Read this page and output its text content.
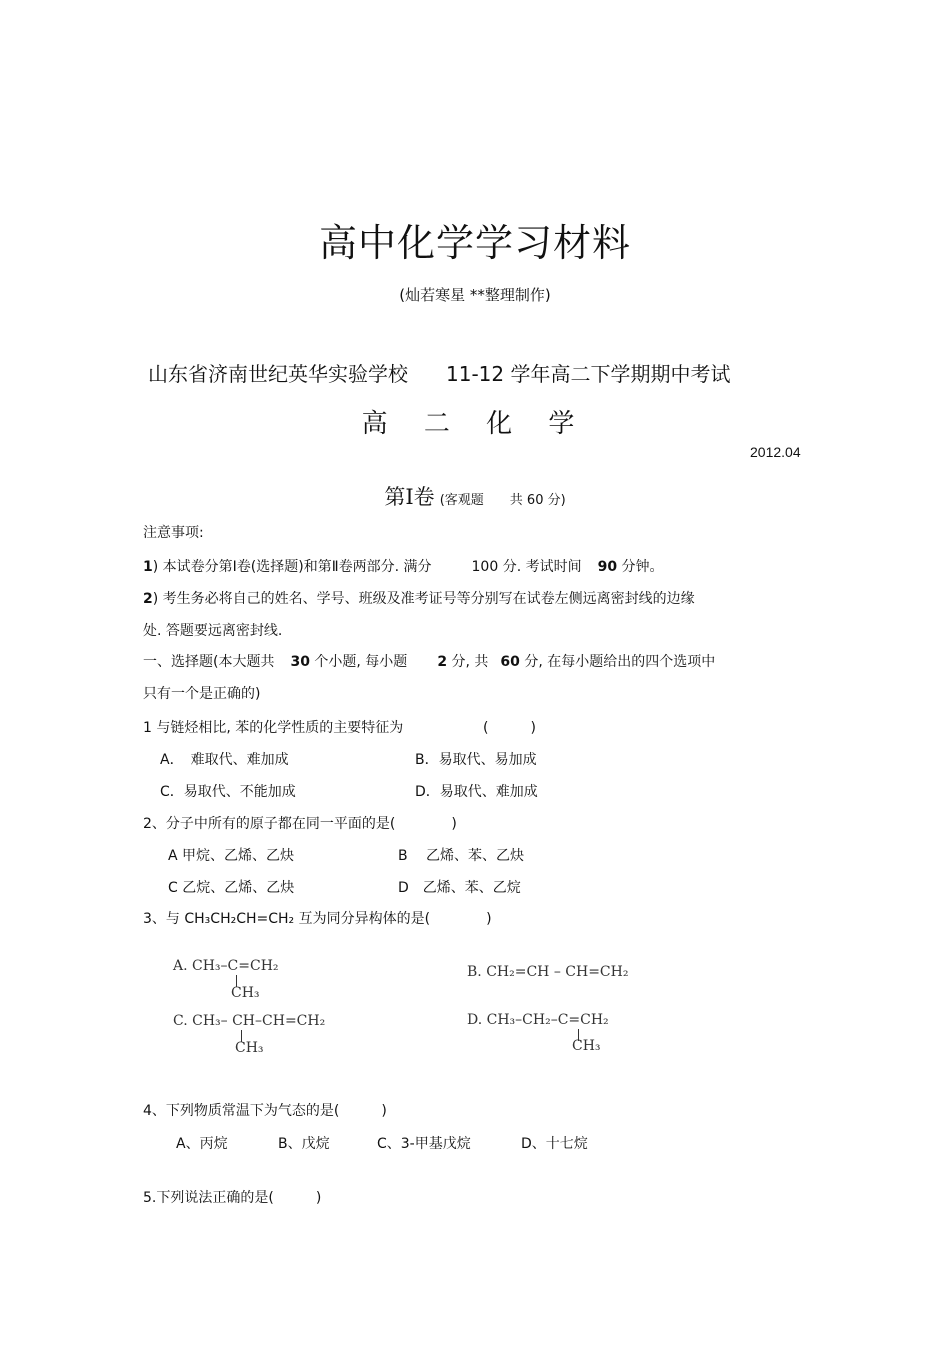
高中化学学习材料
(灿若寒星 **整理制作)
山东省济南世纪英华实验学校 11-12 学年高二下学期期中考试
高 二 化 学
2012.04
第Ⅰ卷 (客观题　　共 60 分)
注意事项:
1) 本试卷分第Ⅰ卷(选择题)和第Ⅱ卷两部分. 满分	100 分. 考试时间 90 分钟。
2) 考生务必将自己的姓名、学号、班级及准考证号等分别写在试卷左侧远离密封线的边缘
处. 答题要远离密封线.
一、选择题(本大题共 30 个小题, 每小题 2 分, 共 60 分, 在每小题给出的四个选项中
只有一个是正确的)
1 与链烃相比, 苯的化学性质的主要特征为	(　　　)
A．　难取代、难加成	B．易取代、易加成
C．易取代、不能加成	D．易取代、难加成
2、分子中所有的原子都在同一平面的是(　　　　)
A 甲烷、乙烯、乙炔	B　 乙烯、苯、乙炔
C 乙烷、乙烯、乙炔	D　乙烯、苯、乙烷
3、与 CH₃CH₂CH=CH₂ 互为同分异构体的是(　　　　)
A. CH₃–C=CH₂
CH₃
B. CH₂=CH – CH=CH₂
C. CH₃– CH–CH=CH₂
CH₃
D. CH₃–CH₂–C=CH₂
CH₃
4、下列物质常温下为气态的是(　　　)
A、丙烷	B、戊烷	C、3-甲基戊烷	D、十七烷
5.下列说法正确的是(　　　)
